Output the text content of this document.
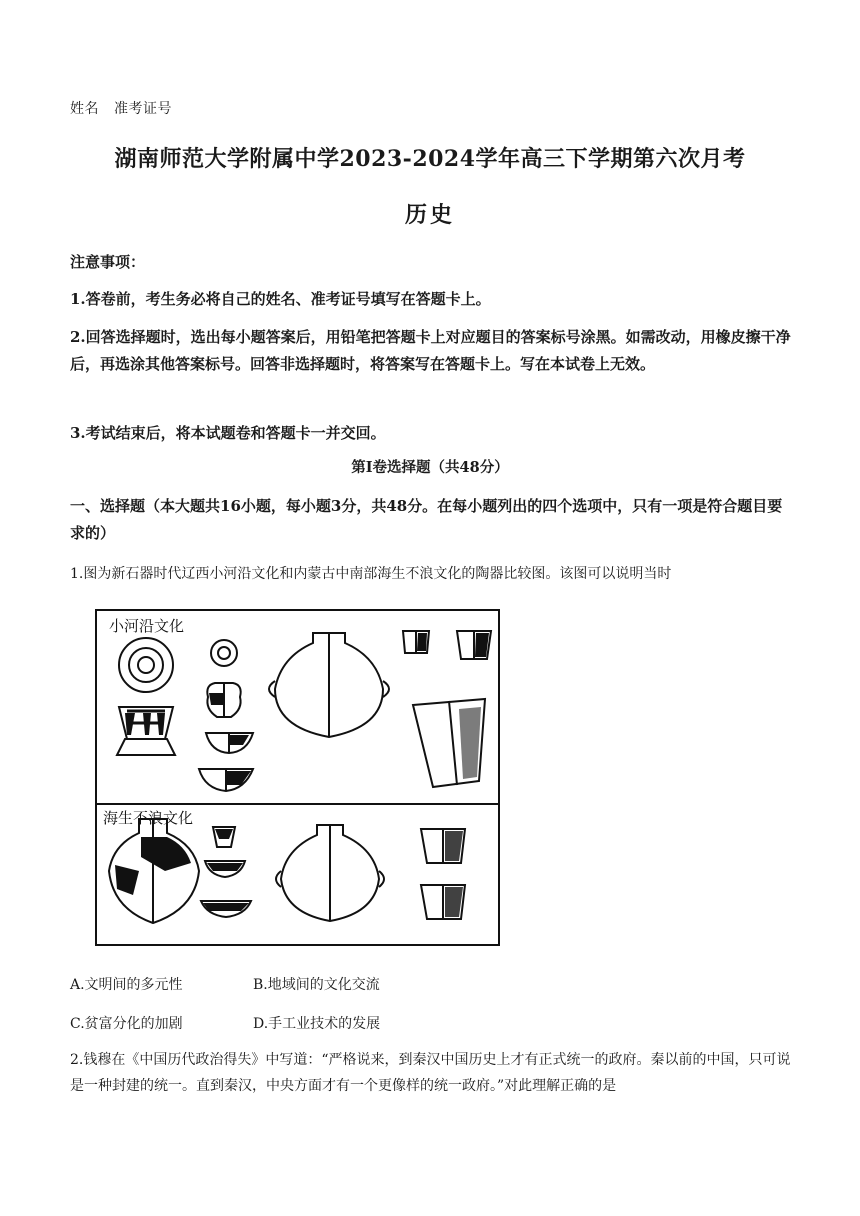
姓名 准考证号
湖南师范大学附属中学2023-2024学年高三下学期第六次月考
历史
注意事项：
1.答卷前，考生务必将自己的姓名、准考证号填写在答题卡上。
2.回答选择题时，选出每小题答案后，用铅笔把答题卡上对应题目的答案标号涂黑。如需改动，用橡皮擦干净后，再选涂其他答案标号。回答非选择题时，将答案写在答题卡上。写在本试卷上无效。
3.考试结束后，将本试题卷和答题卡一并交回。
第Ⅰ卷选择题（共48分）
一、选择题（本大题共16小题，每小题3分，共48分。在每小题列出的四个选项中，只有一项是符合题目要求的）
1.图为新石器时代辽西小河沿文化和内蒙古中南部海生不浪文化的陶器比较图。该图可以说明当时
小河沿文化
海生不浪文化
A.文明间的多元性	B.地域间的文化交流
C.贫富分化的加剧	D.手工业技术的发展
2.钱穆在《中国历代政治得失》中写道：“严格说来，到秦汉中国历史上才有正式统一的政府。秦以前的中国，只可说是一种封建的统一。直到秦汉，中央方面才有一个更像样的统一政府。”对此理解正确的是
